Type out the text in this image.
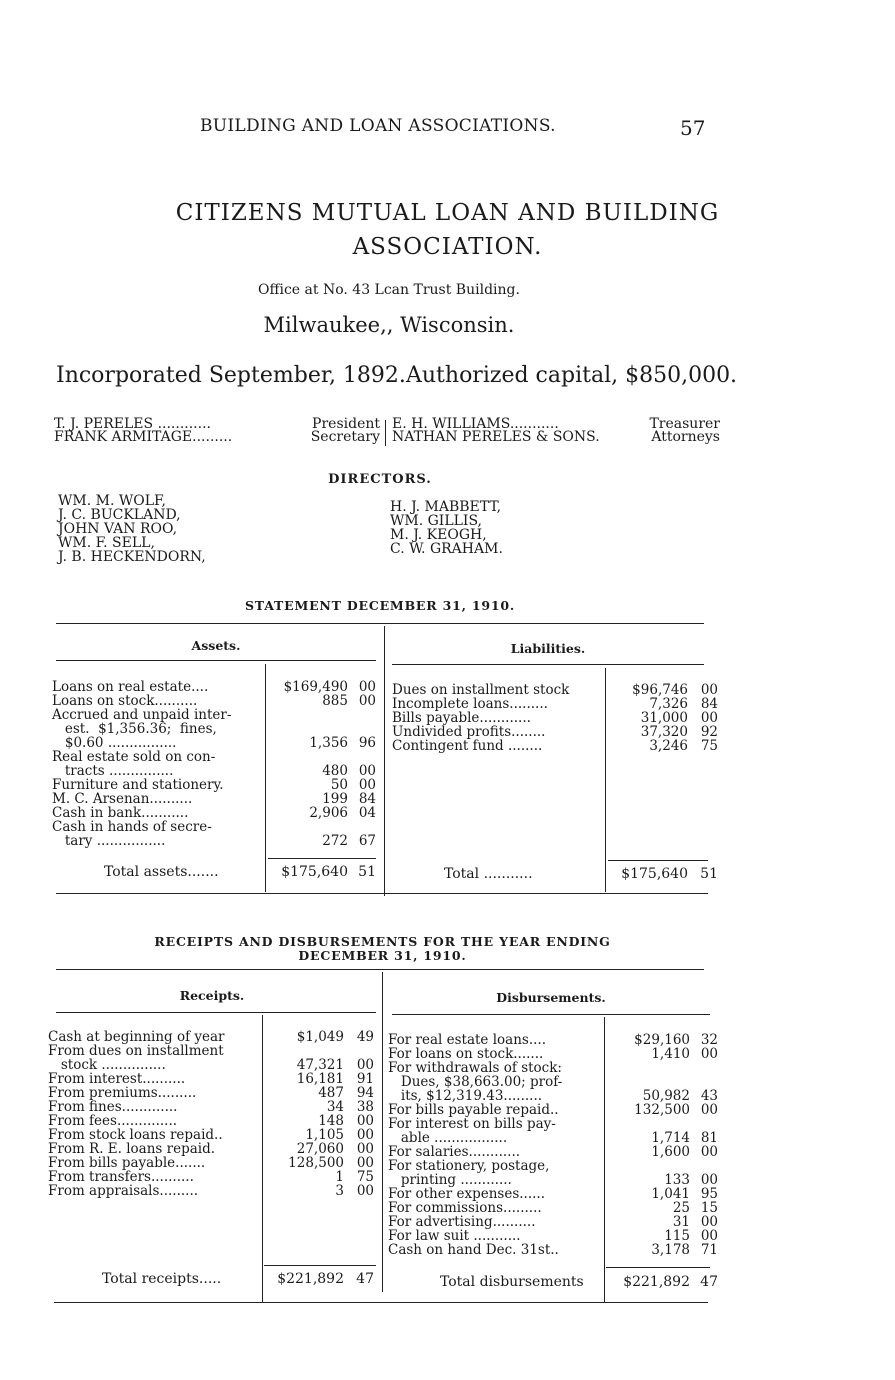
BUILDING AND LOAN ASSOCIATIONS.	57
CITIZENS MUTUAL LOAN AND BUILDING
ASSOCIATION.
Office at No. 43 Lcan Trust Building.
Milwaukee,, Wisconsin.
Incorporated September, 1892. Authorized capital, $850,000.
T. J. PERELES ............	President
FRANK ARMITAGE.........	Secretary
E. H. WILLIAMS...........	Treasurer
NATHAN PERELES & SONS.	Attorneys
DIRECTORS.
WM. M. WOLF,
J. C. BUCKLAND,
JOHN VAN ROO,
WM. F. SELL,
J. B. HECKENDORN,
H. J. MABBETT,
WM. GILLIS,
M. J. KEOGH,
C. W. GRAHAM.
STATEMENT DECEMBER 31, 1910.
Assets.	Liabilities.
Loans on real estate....	$169,490 00
Loans on stock..........	885 00
Accrued and unpaid inter-
est.  $1,356.36;  fines,
$0.60 ................	1,356 96
Real estate sold on con-
tracts ...............	480 00
Furniture and stationery.	50 00
M. C. Arsenan..........	199 84
Cash in bank...........	2,906 04
Cash in hands of secre-
tary ................	272 67
Dues on installment stock	$96,746 00
Incomplete loans.........	7,326 84
Bills payable............	31,000 00
Undivided profits........	37,320 92
Contingent fund ........	3,246 75
Total assets.......	$175,640 51	Total ...........	$175,640 51
RECEIPTS AND DISBURSEMENTS FOR THE YEAR ENDING
DECEMBER 31, 1910.
Receipts.	Disbursements.
Cash at beginning of year	$1,049 49
From dues on installment
stock ...............	47,321 00
From interest..........	16,181 91
From premiums.........	487 94
From fines.............	34 38
From fees..............	148 00
From stock loans repaid..	1,105 00
From R. E. loans repaid.	27,060 00
From bills payable.......	128,500 00
From transfers..........	1 75
From appraisals.........	3 00
For real estate loans....	$29,160 32
For loans on stock.......	1,410 00
For withdrawals of stock:
Dues, $38,663.00; prof-
its, $12,319.43.........	50,982 43
For bills payable repaid..	132,500 00
For interest on bills pay-
able .................	1,714 81
For salaries............	1,600 00
For stationery, postage,
printing ............	133 00
For other expenses......	1,041 95
For commissions.........	25 15
For advertising..........	31 00
For law suit ...........	115 00
Cash on hand Dec. 31st..	3,178 71
Total receipts.....	$221,892 47	Total disbursements	$221,892 47
